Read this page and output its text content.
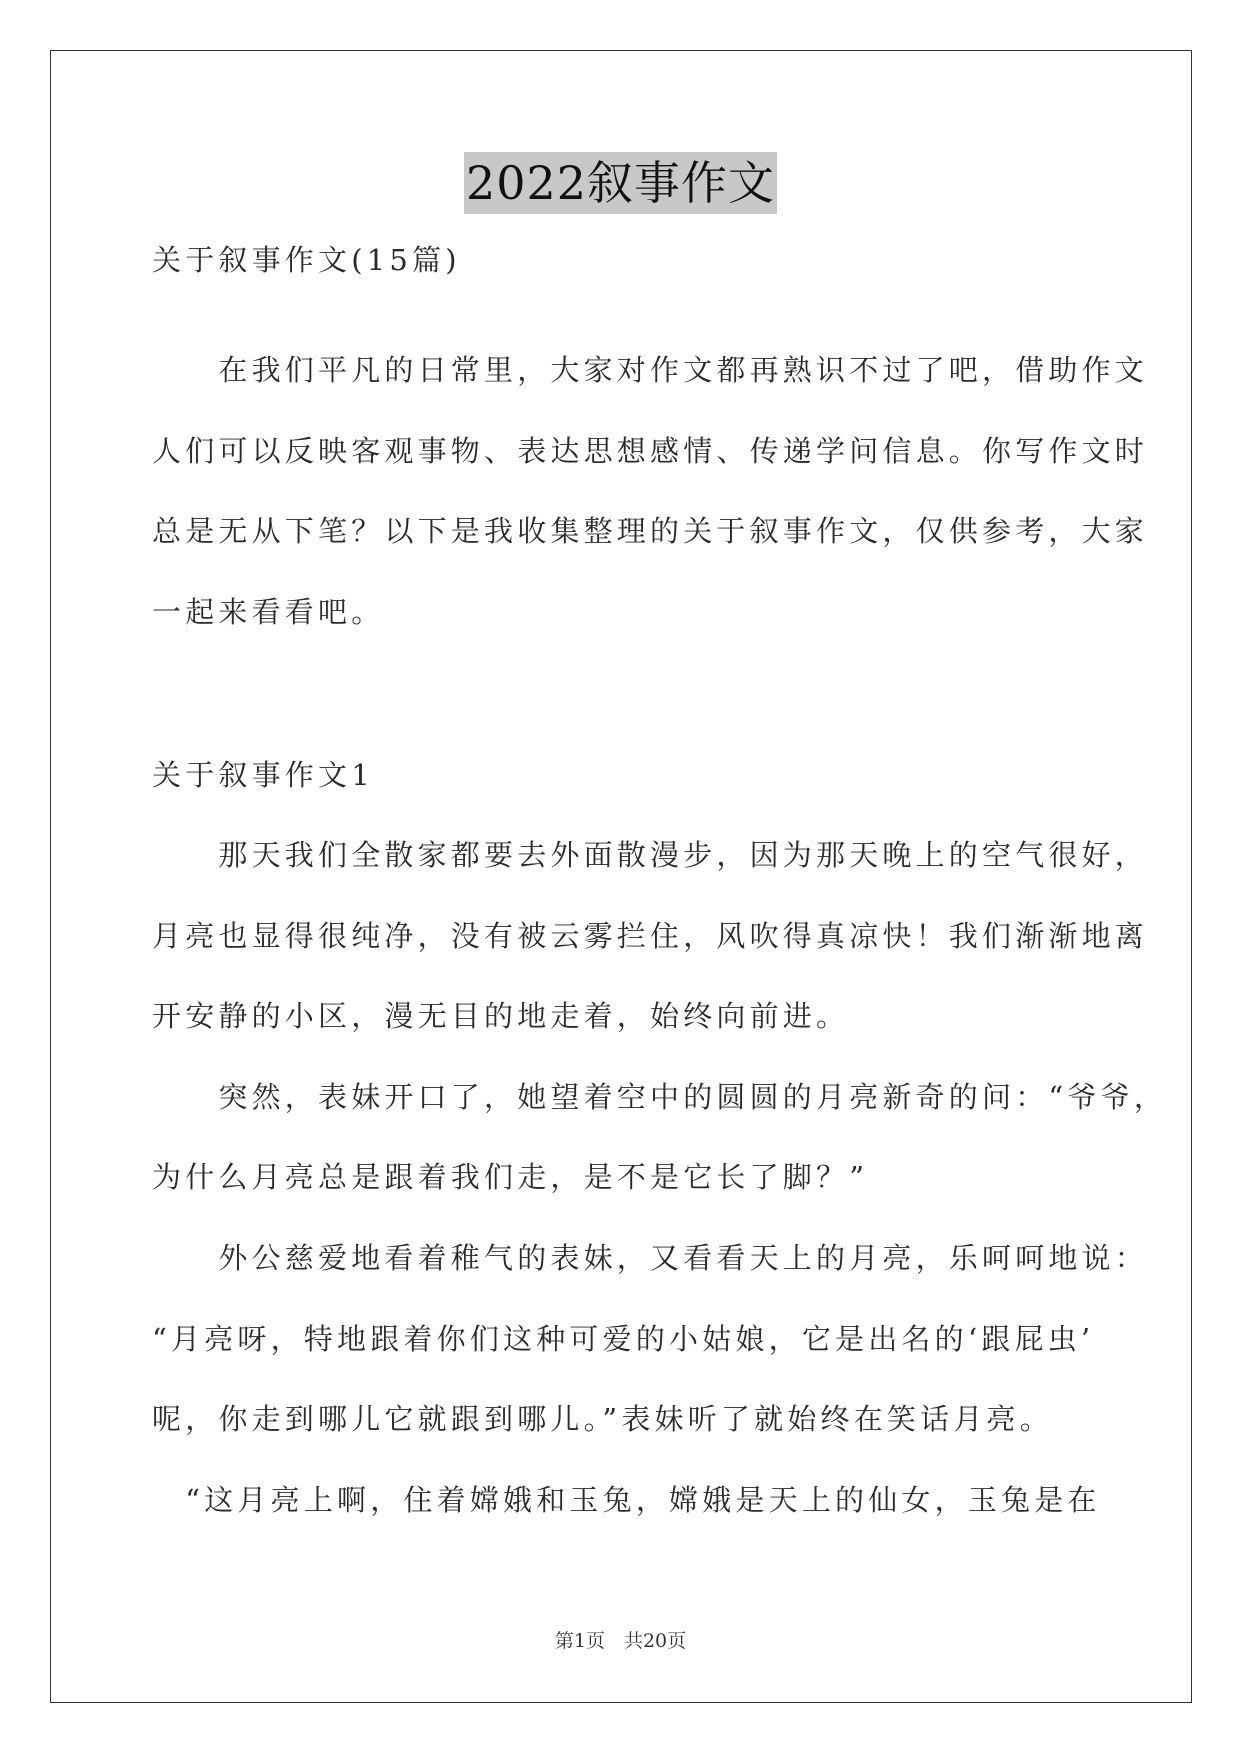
2022叙事作文
关于叙事作文(15篇)
　　在我们平凡的日常里，大家对作文都再熟识不过了吧，借助作文
人们可以反映客观事物、表达思想感情、传递学问信息。你写作文时
总是无从下笔？以下是我收集整理的关于叙事作文，仅供参考，大家
一起来看看吧。
关于叙事作文1
　　那天我们全散家都要去外面散漫步，因为那天晚上的空气很好，
月亮也显得很纯净，没有被云雾拦住，风吹得真凉快！我们渐渐地离
开安静的小区，漫无目的地走着，始终向前进。
　　突然，表妹开口了，她望着空中的圆圆的月亮新奇的问：“爷爷，
为什么月亮总是跟着我们走，是不是它长了脚？”
　　外公慈爱地看着稚气的表妹，又看看天上的月亮，乐呵呵地说：
“月亮呀，特地跟着你们这种可爱的小姑娘，它是出名的‘跟屁虫’
呢，你走到哪儿它就跟到哪儿。”表妹听了就始终在笑话月亮。
　“这月亮上啊，住着嫦娥和玉兔，嫦娥是天上的仙女，玉兔是在
第1页　共20页
